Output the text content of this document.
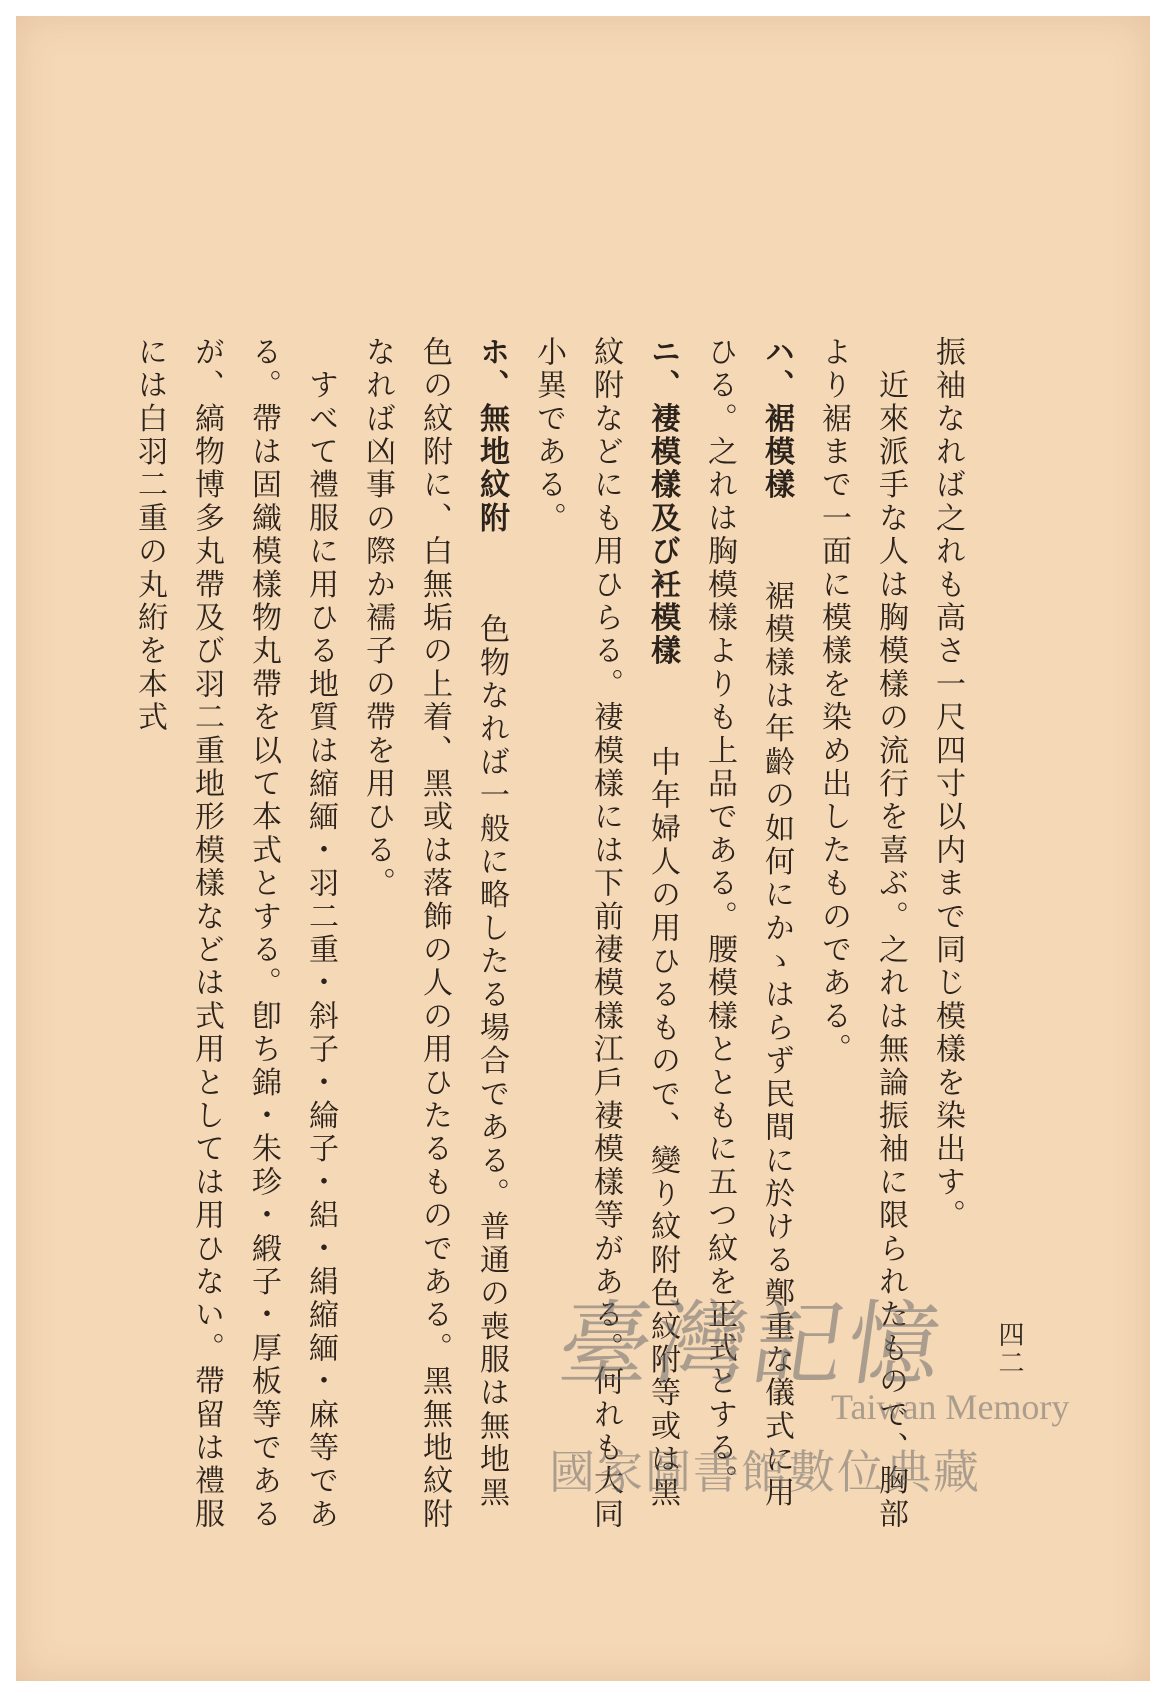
四二

振袖なれば之れも高さ一尺四寸以内まで同じ模樣を染出す。

　近來派手な人は胸模樣の流行を喜ぶ。之れは無論振袖に限られたもので、胸部より裾まで一面に模樣を染め出したものである。

ハ、裾模樣裾模樣は年齡の如何にかゝはらず民間に於ける鄭重な儀式に用ひる。之れは胸模樣よりも上品である。腰模樣とともに五つ紋を正式とする。

ニ、褄模樣及び衽模樣中年婦人の用ひるもので、變り紋附色紋附等或は黑紋附などにも用ひらる。褄模樣には下前褄模樣江戶褄模樣等がある。何れも大同小異である。

ホ、無地紋附色物なれば一般に略したる場合である。普通の喪服は無地黑色の紋附に、白無垢の上着、黑或は落飾の人の用ひたるものである。黑無地紋附なれば凶事の際か襦子の帶を用ひる。

　すべて禮服に用ひる地質は縮緬・羽二重・斜子・綸子・絽・絹縮緬・麻等である。帶は固織模樣物丸帶を以て本式とする。卽ち錦・朱珍・緞子・厚板等であるが、縞物博多丸帶及び羽二重地形模樣などは式用としては用ひない。帶留は禮服には白羽二重の丸絎を本式

臺灣記憶
Taiwan Memory
國家圖書館數位典藏
